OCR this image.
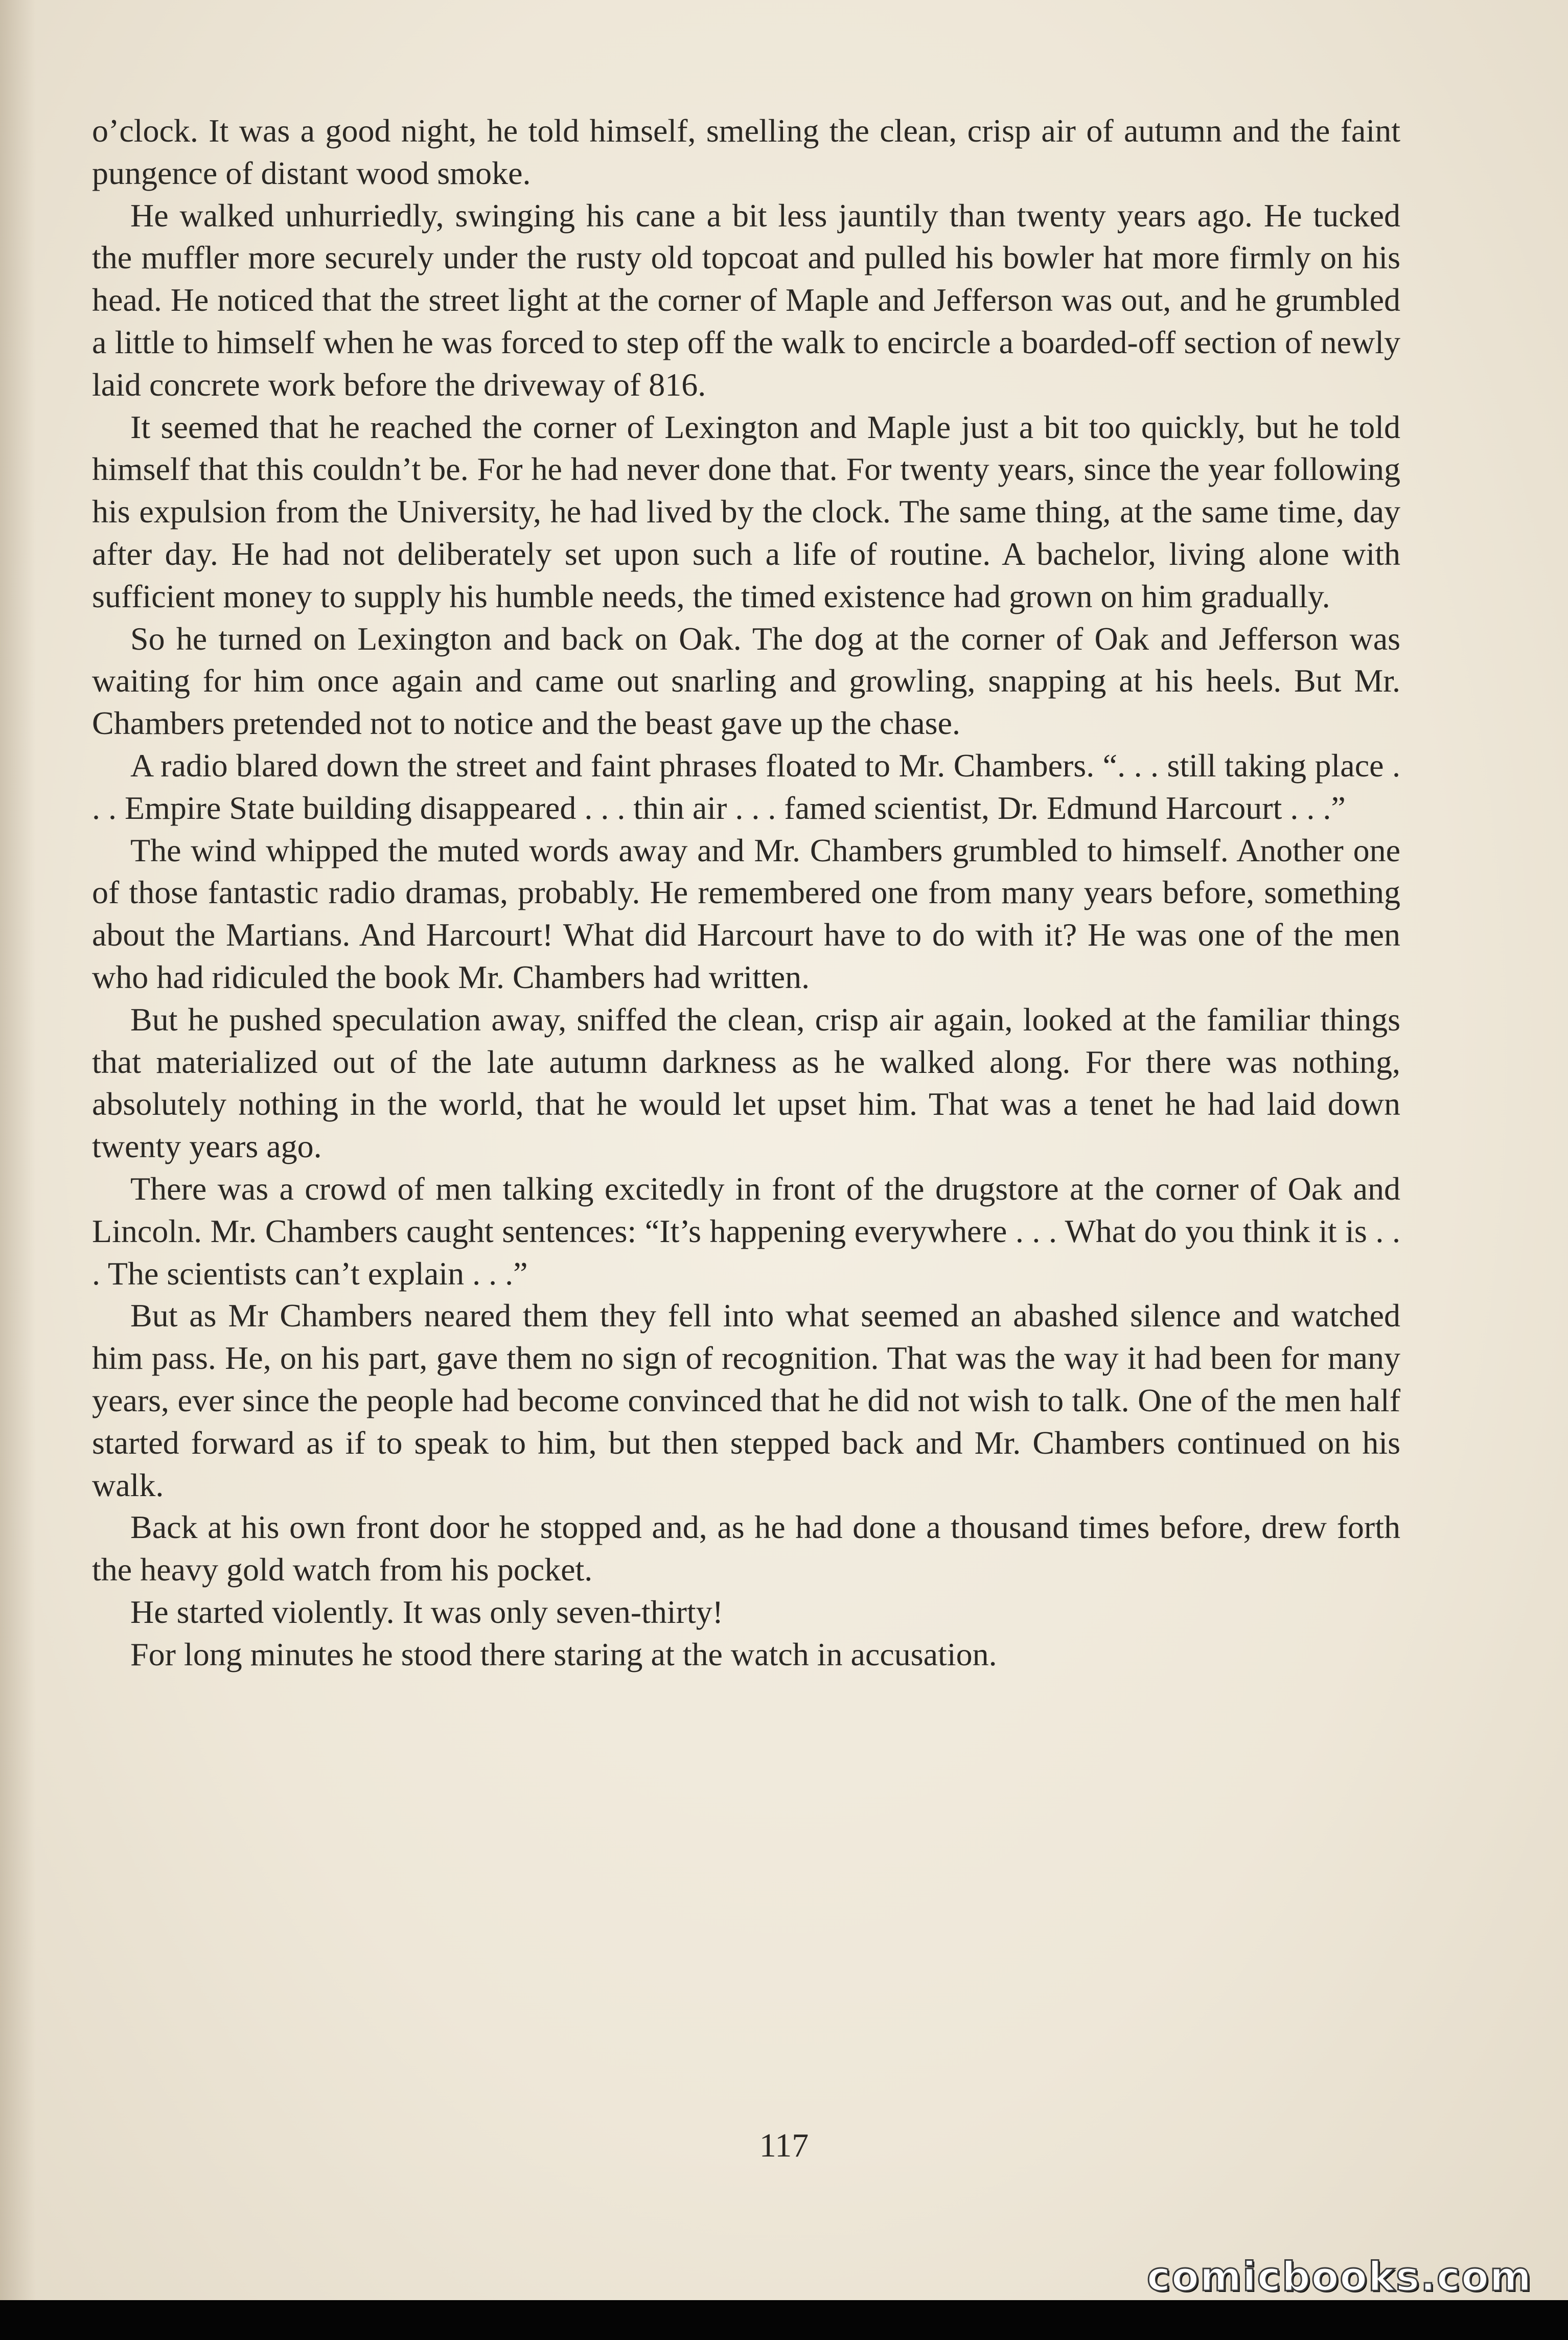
o’clock. It was a good night, he told himself, smelling the clean, crisp air of autumn and the faint pungence of distant wood smoke.

He walked unhurriedly, swinging his cane a bit less jauntily than twenty years ago. He tucked the muffler more securely under the rusty old topcoat and pulled his bowler hat more firmly on his head. He noticed that the street light at the corner of Maple and Jefferson was out, and he grumbled a little to himself when he was forced to step off the walk to encircle a boarded-off section of newly laid concrete work before the driveway of 816.

It seemed that he reached the corner of Lexington and Maple just a bit too quickly, but he told himself that this couldn’t be. For he had never done that. For twenty years, since the year following his expulsion from the University, he had lived by the clock. The same thing, at the same time, day after day. He had not deliberately set upon such a life of routine. A bachelor, living alone with sufficient money to supply his humble needs, the timed existence had grown on him gradually.

So he turned on Lexington and back on Oak. The dog at the corner of Oak and Jefferson was waiting for him once again and came out snarling and growling, snapping at his heels. But Mr. Chambers pretended not to notice and the beast gave up the chase.

A radio blared down the street and faint phrases floated to Mr. Chambers. “. . . still taking place . . . Empire State building disappeared . . . thin air . . . famed scientist, Dr. Edmund Harcourt . . .”

The wind whipped the muted words away and Mr. Chambers grumbled to himself. Another one of those fantastic radio dramas, probably. He remembered one from many years before, something about the Martians. And Harcourt! What did Harcourt have to do with it? He was one of the men who had ridiculed the book Mr. Chambers had written.

But he pushed speculation away, sniffed the clean, crisp air again, looked at the familiar things that materialized out of the late autumn darkness as he walked along. For there was nothing, absolutely nothing in the world, that he would let upset him. That was a tenet he had laid down twenty years ago.

There was a crowd of men talking excitedly in front of the drugstore at the corner of Oak and Lincoln. Mr. Chambers caught sentences: “It’s happening everywhere . . . What do you think it is . . . The scientists can’t explain . . .”

But as Mr Chambers neared them they fell into what seemed an abashed silence and watched him pass. He, on his part, gave them no sign of recognition. That was the way it had been for many years, ever since the people had become convinced that he did not wish to talk. One of the men half started forward as if to speak to him, but then stepped back and Mr. Chambers continued on his walk.

Back at his own front door he stopped and, as he had done a thousand times before, drew forth the heavy gold watch from his pocket.

He started violently. It was only seven-thirty!

For long minutes he stood there staring at the watch in accusation.

117
comicbooks.com
